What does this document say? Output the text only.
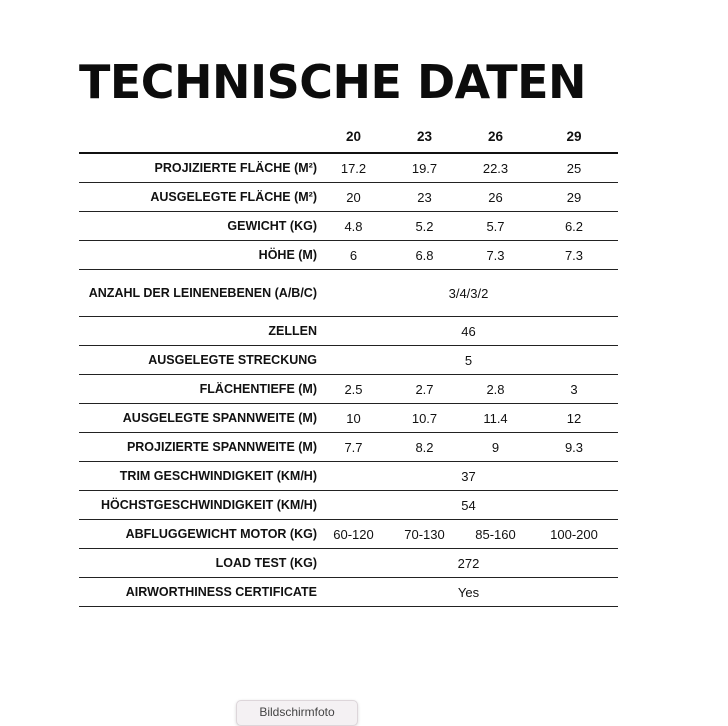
TECHNISCHE DATEN
	20	23	26	29
PROJIZIERTE FLÄCHE (M²)	17.2	19.7	22.3	25
AUSGELEGTE FLÄCHE (M²)	20	23	26	29
GEWICHT (KG)	4.8	5.2	5.7	6.2
HÖHE (M)	6	6.8	7.3	7.3
ANZAHL DER LEINENEBENEN (A/B/C)	3/4/3/2			
ZELLEN	46			
AUSGELEGTE STRECKUNG	5			
FLÄCHENTIEFE (M)	2.5	2.7	2.8	3
AUSGELEGTE SPANNWEITE (M)	10	10.7	11.4	12
PROJIZIERTE SPANNWEITE (M)	7.7	8.2	9	9.3
TRIM GESCHWINDIGKEIT (KM/H)	37			
HÖCHSTGESCHWINDIGKEIT (KM/H)	54			
ABFLUGGEWICHT MOTOR (KG)	60-120	70-130	85-160	100-200
LOAD TEST (KG)	272			
AIRWORTHINESS CERTIFICATE	Yes			
Bildschirmfoto
